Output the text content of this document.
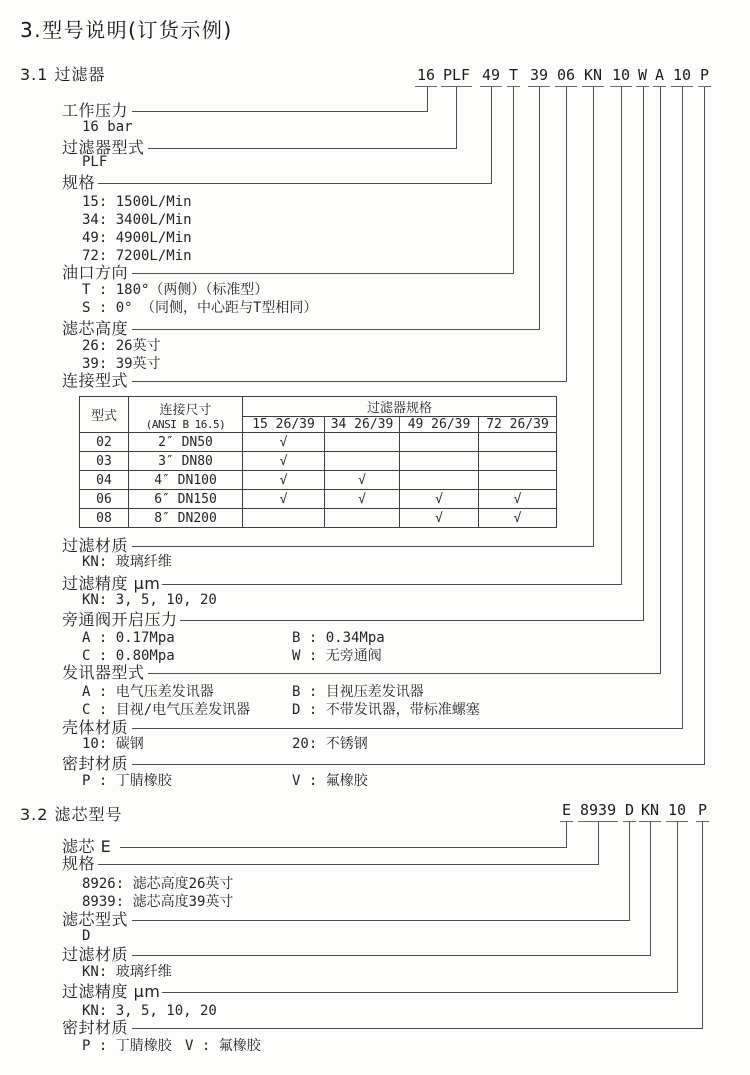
3.型号说明(订货示例)
3.1 过滤器	16 PLF 49 T 39 06 KN 10 W A 10 P
工作压力
过滤器型式
规格
油口方向
滤芯高度
连接型式
过滤材质
过滤精度 μm
旁通阀开启压力
发讯器型式
壳体材质
密封材质
16 bar
PLF
15: 1500L/Min
34: 3400L/Min
49: 4900L/Min
72: 7200L/Min
T : 180°（两侧）（标准型）
S : 0° （同侧，中心距与T型相同）
26: 26英寸
39: 39英寸
KN: 玻璃纤维
KN: 3, 5, 10, 20
A : 0.17Mpa	B : 0.34Mpa
C : 0.80Mpa	W : 无旁通阀
A : 电气压差发讯器	B : 目视压差发讯器
C : 目视/电气压差发讯器	D : 不带发讯器，带标准螺塞
10: 碳钢	20: 不锈钢
P : 丁腈橡胶	V : 氟橡胶
型式	连接尺寸
(ANSI B 16.5)	过滤器规格			
		15 26/39	34 26/39	49 26/39	72 26/39
02	2″ DN50	√			
03	3″ DN80	√			
04	4″ DN100	√	√		
06	6″ DN150	√	√	√	√
08	8″ DN200			√	√
3.2 滤芯型号	E 8939 D KN 10 P
滤芯 E
规格
滤芯型式
过滤材质
过滤精度 μm
密封材质
8926: 滤芯高度26英寸
8939: 滤芯高度39英寸
D
KN: 玻璃纤维
KN: 3, 5, 10, 20
P : 丁腈橡胶 V : 氟橡胶
